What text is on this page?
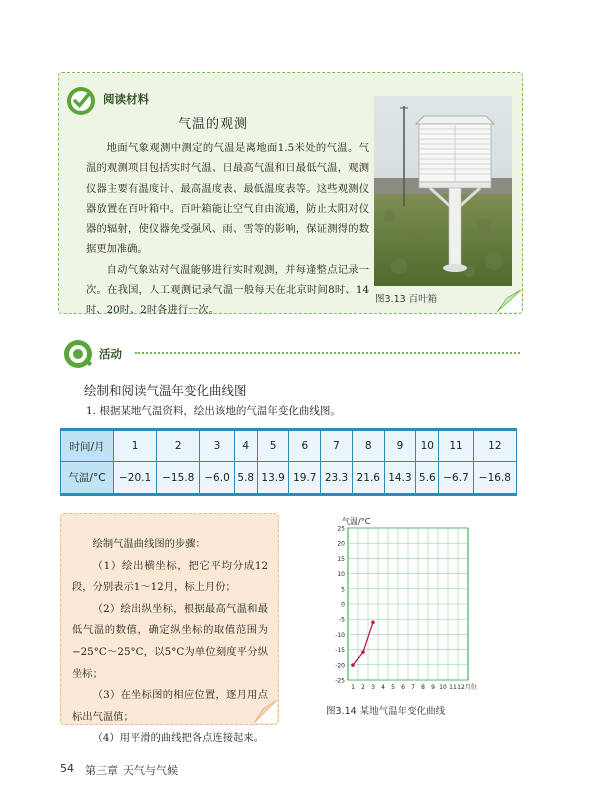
阅读材料
气温的观测

地面气象观测中测定的气温是离地面1.5米处的气温。气温的观测项目包括实时气温、日最高气温和日最低气温，观测仪器主要有温度计、最高温度表、最低温度表等。这些观测仪器放置在百叶箱中。百叶箱能让空气自由流通，防止太阳对仪器的辐射，使仪器免受强风、雨、雪等的影响，保证测得的数据更加准确。

自动气象站对气温能够进行实时观测，并每逢整点记录一次。在我国，人工观测记录气温一般每天在北京时间8时、14时、20时、2时各进行一次。

图3.13 百叶箱
活动
绘制和阅读气温年变化曲线图
1. 根据某地气温资料，绘出该地的气温年变化曲线图。
时间/月	1	2	3	4	5	6	7	8	9	10	11	12
气温/°C	−20.1	−15.8	−6.0	5.8	13.9	19.7	23.3	21.6	14.3	5.6	−6.7	−16.8

绘制气温曲线图的步骤：

（1）绘出横坐标，把它平均分成12段，分别表示1～12月，标上月份；

（2）绘出纵坐标，根据最高气温和最低气温的数值，确定纵坐标的取值范围为−25°C～25°C，以5°C为单位刻度平分纵坐标；

（3）在坐标图的相应位置，逐月用点标出气温值；

（4）用平滑的曲线把各点连接起来。

25
20
15
10
5
0
-5
-10
-15
-20
-25
1 2 3 4 5 6 7 8 9 10 11 12月份
气温/°C
图3.14 某地气温年变化曲线
54 第三章 天气与气候
